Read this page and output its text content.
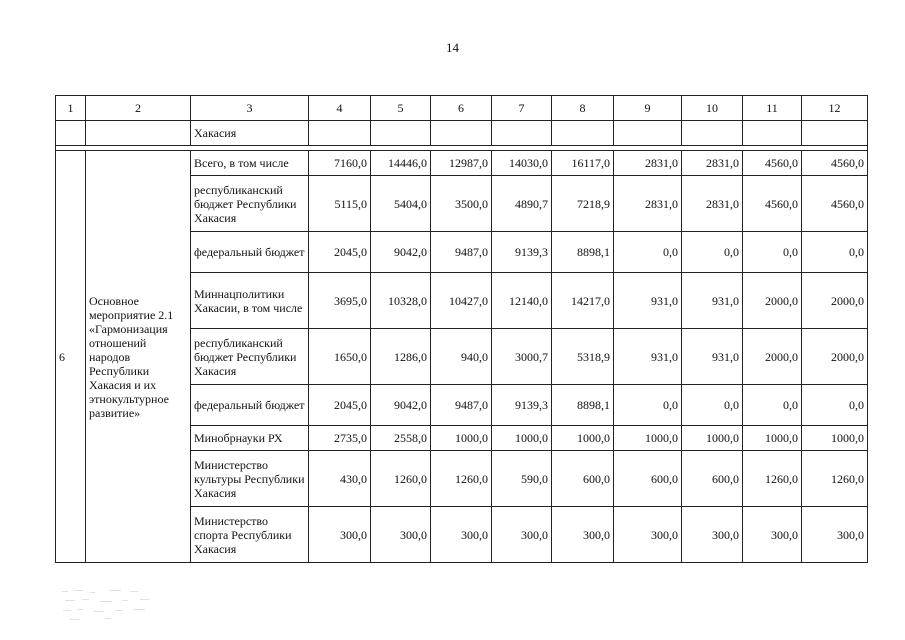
14
1	2	3	4	5	6	7	8	9	10	11	12
		Хакасия									

6	Основное мероприятие 2.1 «Гармонизация отношений народов Республики Хакасия и их этнокультурное развитие»	Всего, в том числе	7160,0	14446,0	12987,0	14030,0	16117,0	2831,0	2831,0	4560,0	4560,0
		республиканский бюджет Республики Хакасия	5115,0	5404,0	3500,0	4890,7	7218,9	2831,0	2831,0	4560,0	4560,0
		федеральный бюджет	2045,0	9042,0	9487,0	9139,3	8898,1	0,0	0,0	0,0	0,0
		Миннацполитики Хакасии, в том числе	3695,0	10328,0	10427,0	12140,0	14217,0	931,0	931,0	2000,0	2000,0
		республиканский бюджет Республики Хакасия	1650,0	1286,0	940,0	3000,7	5318,9	931,0	931,0	2000,0	2000,0
		федеральный бюджет	2045,0	9042,0	9487,0	9139,3	8898,1	0,0	0,0	0,0	0,0
		Минобрнауки РХ	2735,0	2558,0	1000,0	1000,0	1000,0	1000,0	1000,0	1000,0	1000,0
		Министерство культуры Республики Хакасия	430,0	1260,0	1260,0	590,0	600,0	600,0	600,0	1260,0	1260,0
		Министерство спорта Республики Хакасия	300,0	300,0	300,0	300,0	300,0	300,0	300,0	300,0	300,0
